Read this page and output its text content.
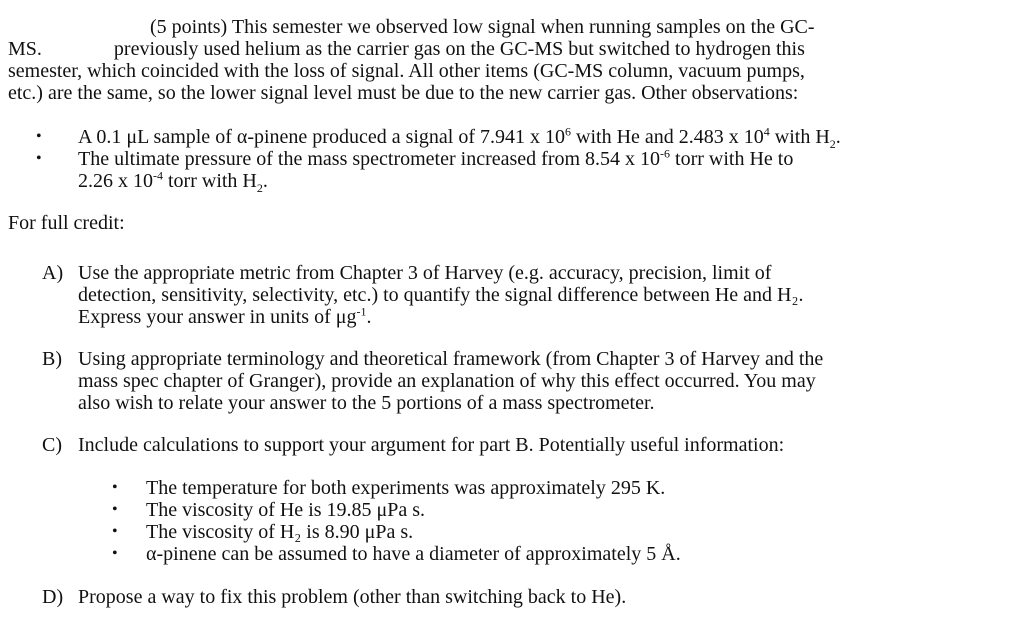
(5 points) This semester we observed low signal when running samples on the GC-
MS.	previously used helium as the carrier gas on the GC-MS but switched to hydrogen this
semester, which coincided with the loss of signal. All other items (GC-MS column, vacuum pumps,
etc.) are the same, so the lower signal level must be due to the new carrier gas. Other observations:
• A 0.1 μL sample of α-pinene produced a signal of 7.941 x $10^6$ with He and 2.483 x $10^4$ with $H_2$.
• The ultimate pressure of the mass spectrometer increased from 8.54 x $10^{-6}$ torr with He to
2.26 x $10^{-4}$ torr with $H_2$.
For full credit:
A) Use the appropriate metric from Chapter 3 of Harvey (e.g. accuracy, precision, limit of
detection, sensitivity, selectivity, etc.) to quantify the signal difference between He and H₂.
Express your answer in units of $\mu g^{-1}$.
B) Using appropriate terminology and theoretical framework (from Chapter 3 of Harvey and the
mass spec chapter of Granger), provide an explanation of why this effect occurred. You may
also wish to relate your answer to the 5 portions of a mass spectrometer.
C) Include calculations to support your argument for part B. Potentially useful information:
• The temperature for both experiments was approximately 295 K.
• The viscosity of He is 19.85 μPa s.
• The viscosity of H₂ is 8.90 μPa s.
• α-pinene can be assumed to have a diameter of approximately 5 Å.
D) Propose a way to fix this problem (other than switching back to He).
